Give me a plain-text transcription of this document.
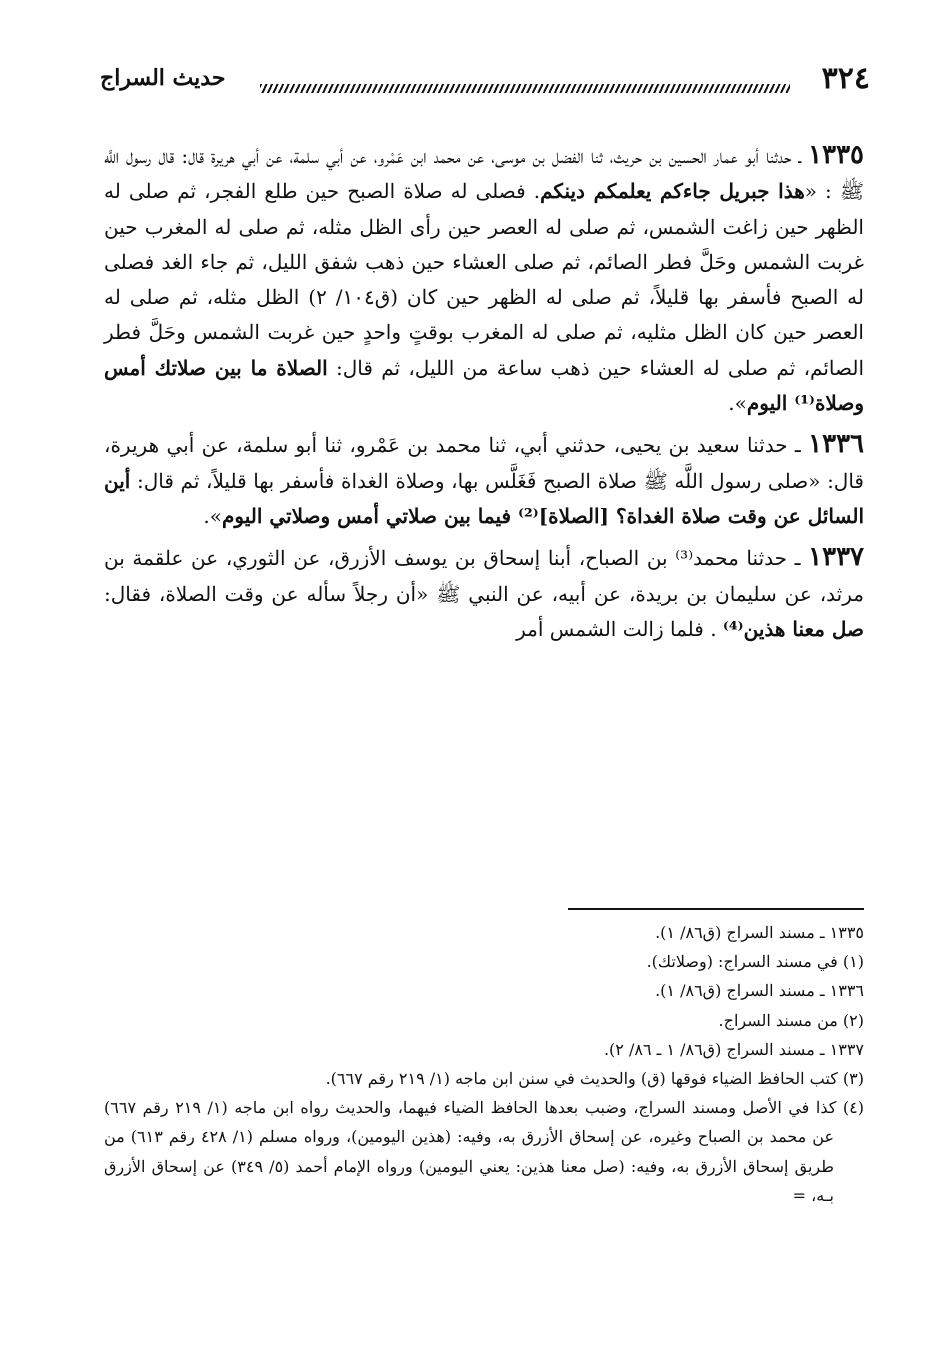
٣٢٤
حديث السراج

١٣٣٥ ـ حدثنا أبو عمار الحسين بن حريث، ثنا الفضل بن موسى، عن محمد ابن عَمْرو، عن أبي سلمة، عن أبي هريرة قال: قال رسول اللَّه ﷺ : «هذا جبريل جاءكم يعلمكم دينكم. فصلى له صلاة الصبح حين طلع الفجر، ثم صلى له الظهر حين زاغت الشمس، ثم صلى له العصر حين رأى الظل مثله، ثم صلى له المغرب حين غربت الشمس وحَلَّ فطر الصائم، ثم صلى العشاء حين ذهب شفق الليل، ثم جاء الغد فصلى له الصبح فأسفر بها قليلاً، ثم صلى له الظهر حين كان (ق١٠٤/ ٢) الظل مثله، ثم صلى له العصر حين كان الظل مثليه، ثم صلى له المغرب بوقتٍ واحدٍ حين غربت الشمس وحَلَّ فطر الصائم، ثم صلى له العشاء حين ذهب ساعة من الليل، ثم قال: الصلاة ما بين صلاتك أمس وصلاة⁽¹⁾ اليوم».

١٣٣٦ ـ حدثنا سعيد بن يحيى، حدثني أبي، ثنا محمد بن عَمْرو، ثنا أبو سلمة، عن أبي هريرة، قال: «صلى رسول اللَّه ﷺ صلاة الصبح فَغَلَّس بها، وصلاة الغداة فأسفر بها قليلاً، ثم قال: أين السائل عن وقت صلاة الغداة؟ [الصلاة]⁽²⁾ فيما بين صلاتي أمس وصلاتي اليوم».

١٣٣٧ ـ حدثنا محمد⁽³⁾ بن الصباح، أبنا إسحاق بن يوسف الأزرق، عن الثوري، عن علقمة بن مرثد، عن سليمان بن بريدة، عن أبيه، عن النبي ﷺ «أن رجلاً سأله عن وقت الصلاة، فقال: صل معنا هذين⁽⁴⁾ . فلما زالت الشمس أمر

١٣٣٥ ـ مسند السراج (ق٨٦/ ١).

(١) في مسند السراج: (وصلاتك).

١٣٣٦ ـ مسند السراج (ق٨٦/ ١).

(٢) من مسند السراج.

١٣٣٧ ـ مسند السراج (ق٨٦/ ١ ـ ٨٦/ ٢).

(٣) كتب الحافظ الضياء فوقها (ق) والحديث في سنن ابن ماجه (١/ ٢١٩ رقم ٦٦٧).

(٤) كذا في الأصل ومسند السراج، وضبب بعدها الحافظ الضياء فيهما، والحديث رواه ابن ماجه (١/ ٢١٩ رقم ٦٦٧) عن محمد بن الصباح وغيره، عن إسحاق الأزرق به، وفيه: (هذين اليومين)، ورواه مسلم (١/ ٤٢٨ رقم ٦١٣) من طريق إسحاق الأزرق به، وفيه: (صل معنا هذين: يعني اليومين) ورواه الإمام أحمد (٥/ ٣٤٩) عن إسحاق الأزرق بـه، =
